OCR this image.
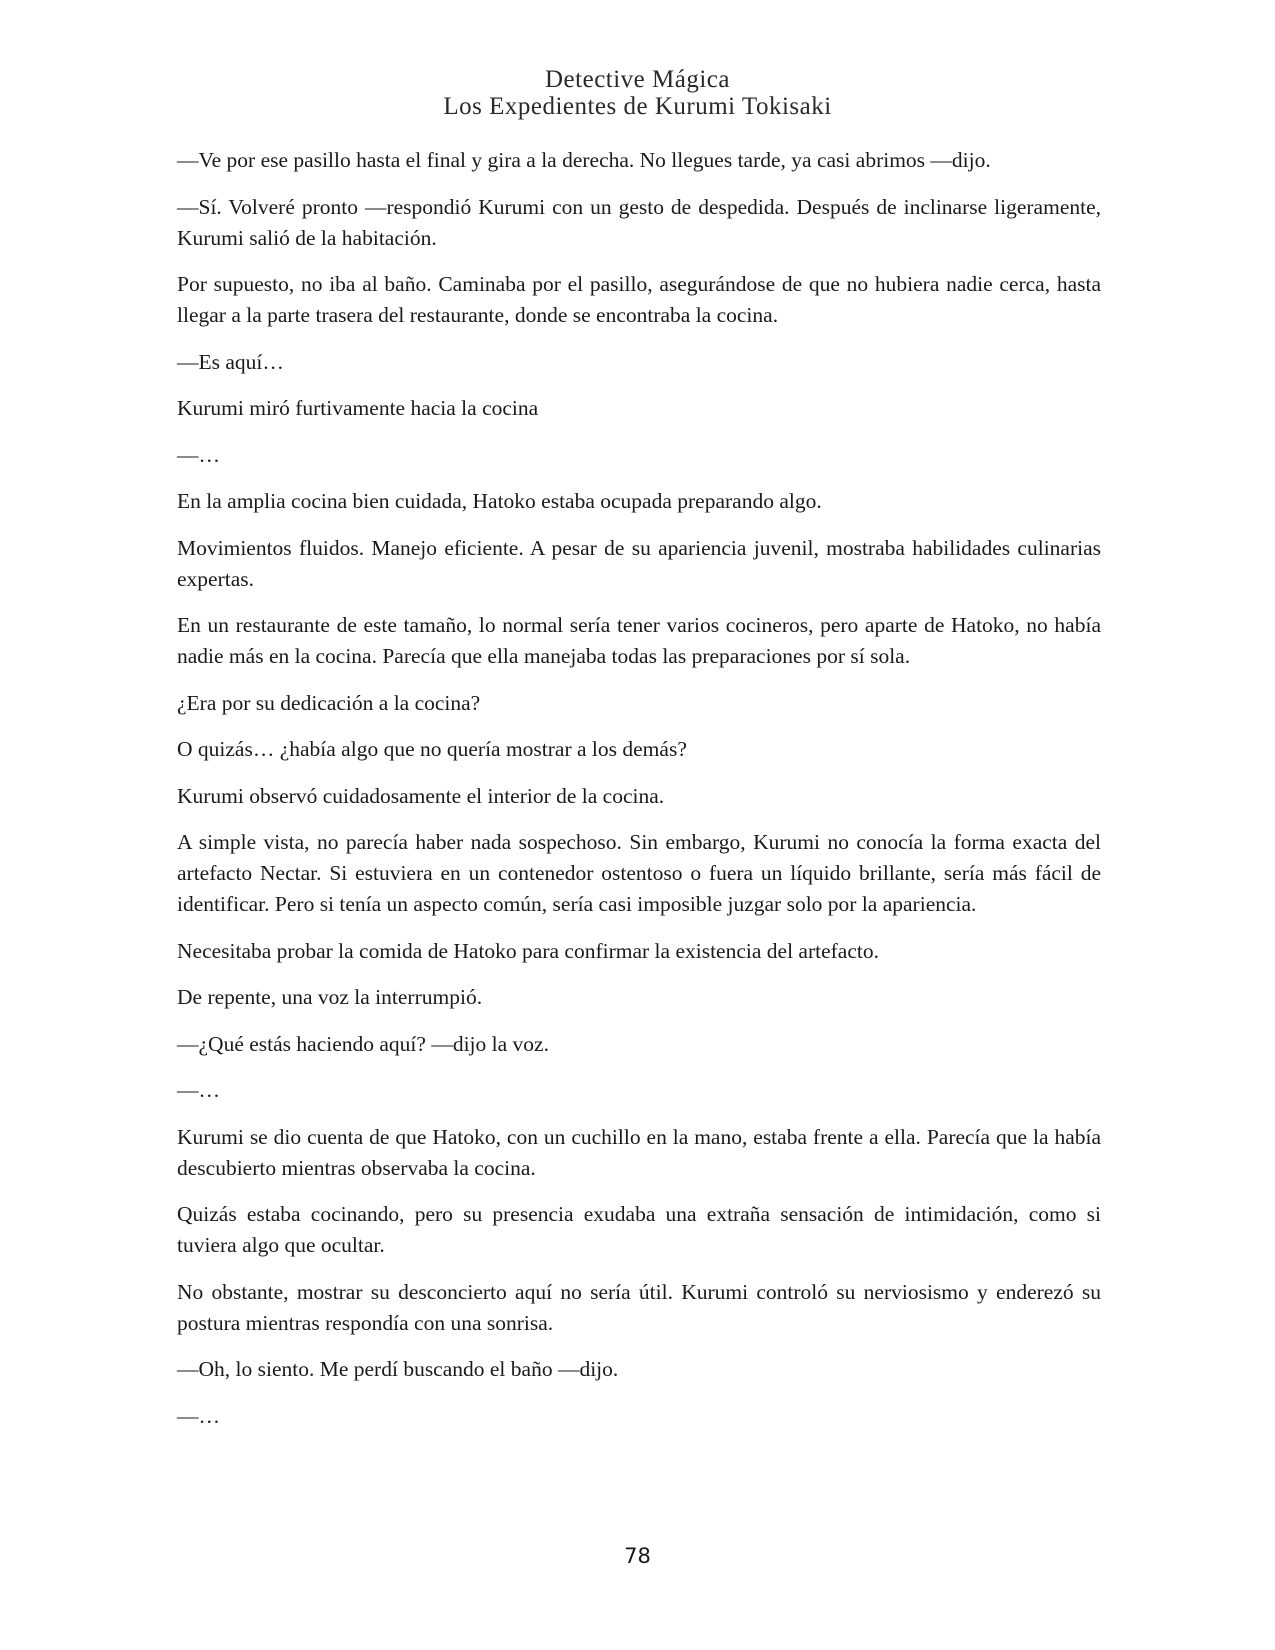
Detective Mágica
Los Expedientes de Kurumi Tokisaki

—Ve por ese pasillo hasta el final y gira a la derecha. No llegues tarde, ya casi abrimos —dijo.

—Sí. Volveré pronto —respondió Kurumi con un gesto de despedida. Después de inclinarse ligeramente, Kurumi salió de la habitación.

Por supuesto, no iba al baño. Caminaba por el pasillo, asegurándose de que no hubiera nadie cerca, hasta llegar a la parte trasera del restaurante, donde se encontraba la cocina.

—Es aquí…

Kurumi miró furtivamente hacia la cocina

—…

En la amplia cocina bien cuidada, Hatoko estaba ocupada preparando algo.

Movimientos fluidos. Manejo eficiente. A pesar de su apariencia juvenil, mostraba habilidades culinarias expertas.

En un restaurante de este tamaño, lo normal sería tener varios cocineros, pero aparte de Hatoko, no había nadie más en la cocina. Parecía que ella manejaba todas las preparaciones por sí sola.

¿Era por su dedicación a la cocina?

O quizás… ¿había algo que no quería mostrar a los demás?

Kurumi observó cuidadosamente el interior de la cocina.

A simple vista, no parecía haber nada sospechoso. Sin embargo, Kurumi no conocía la forma exacta del artefacto Nectar. Si estuviera en un contenedor ostentoso o fuera un líquido brillante, sería más fácil de identificar. Pero si tenía un aspecto común, sería casi imposible juzgar solo por la apariencia.

Necesitaba probar la comida de Hatoko para confirmar la existencia del artefacto.

De repente, una voz la interrumpió.

—¿Qué estás haciendo aquí? —dijo la voz.

—…

Kurumi se dio cuenta de que Hatoko, con un cuchillo en la mano, estaba frente a ella. Parecía que la había descubierto mientras observaba la cocina.

Quizás estaba cocinando, pero su presencia exudaba una extraña sensación de intimidación, como si tuviera algo que ocultar.

No obstante, mostrar su desconcierto aquí no sería útil. Kurumi controló su nerviosismo y enderezó su postura mientras respondía con una sonrisa.

—Oh, lo siento. Me perdí buscando el baño —dijo.

—…

78
